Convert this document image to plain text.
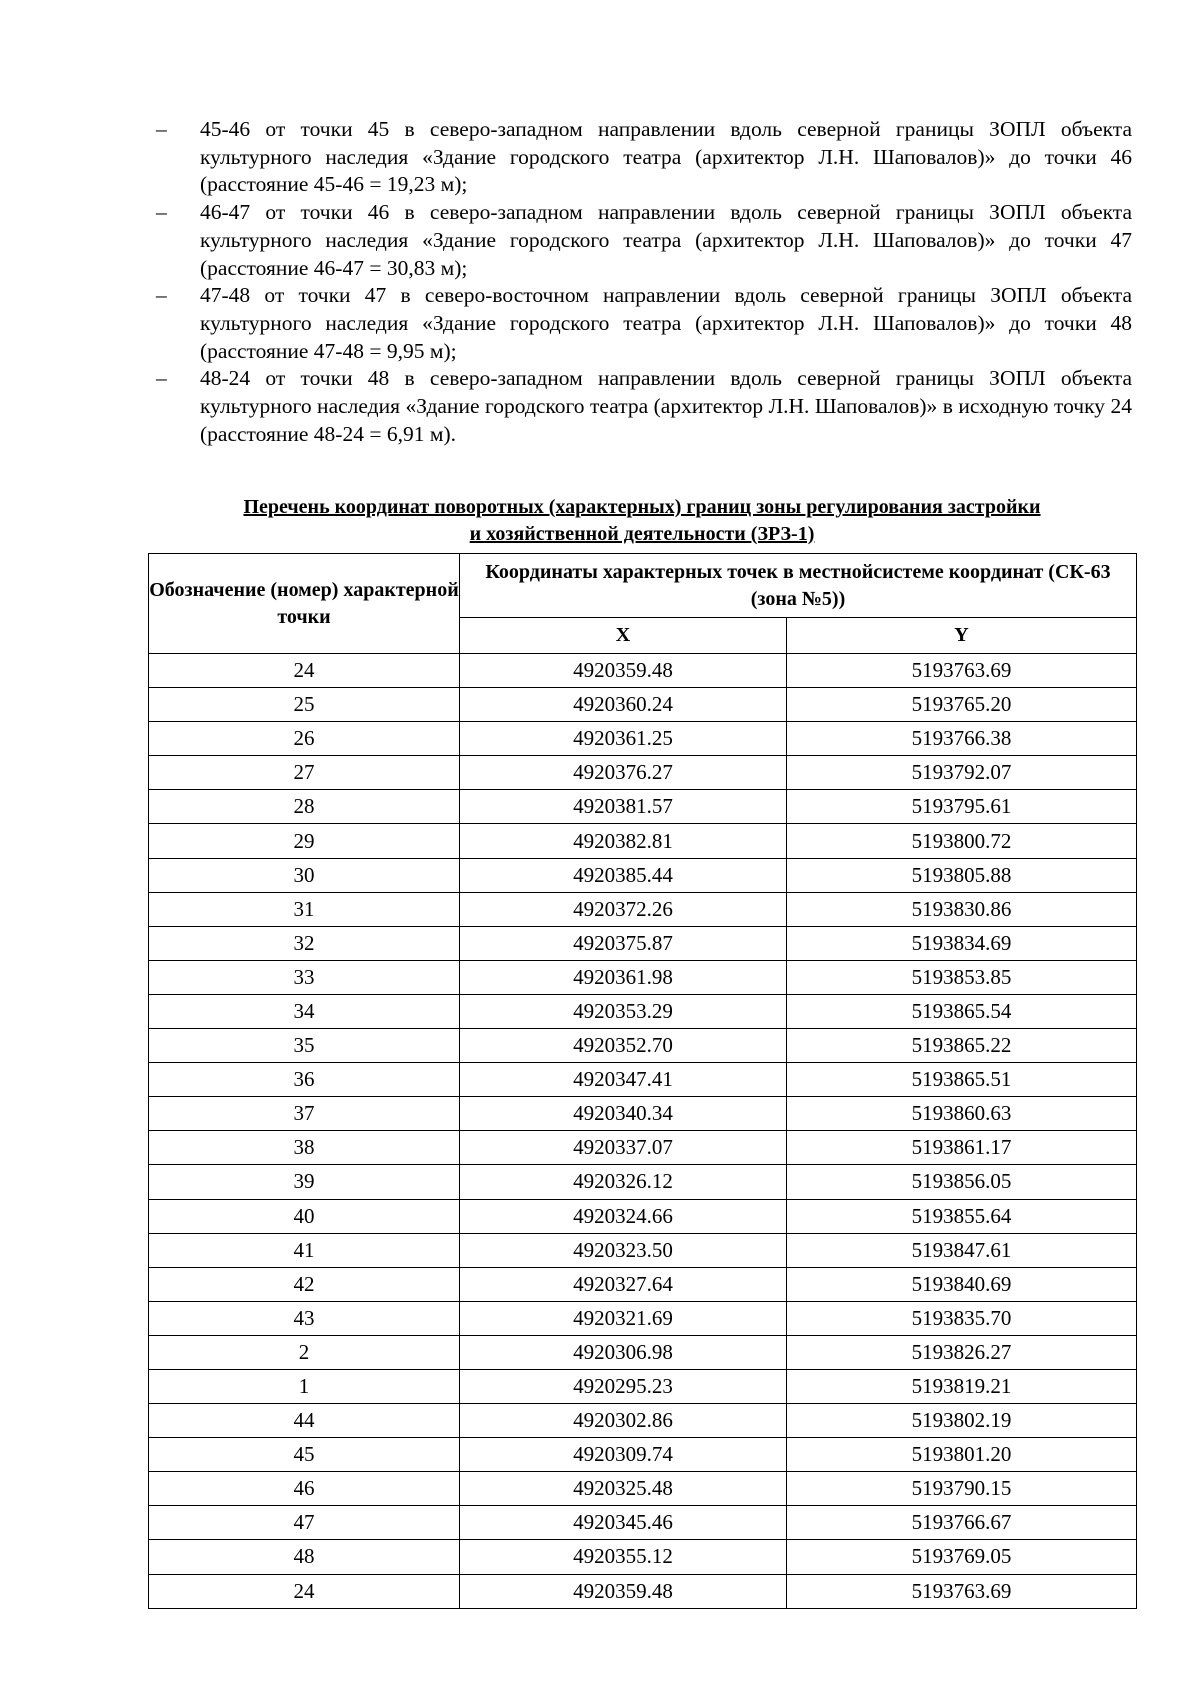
– 45-46 от точки 45 в северо-западном направлении вдоль северной границы ЗОПЛ объекта культурного наследия «Здание городского театра (архитектор Л.Н. Шаповалов)» до точки 46 (расстояние 45-46 = 19,23 м);
– 46-47 от точки 46 в северо-западном направлении вдоль северной границы ЗОПЛ объекта культурного наследия «Здание городского театра (архитектор Л.Н. Шаповалов)» до точки 47 (расстояние 46-47 = 30,83 м);
– 47-48 от точки 47 в северо-восточном направлении вдоль северной границы ЗОПЛ объекта культурного наследия «Здание городского театра (архитектор Л.Н. Шаповалов)» до точки 48 (расстояние 47-48 = 9,95 м);
– 48-24 от точки 48 в северо-западном направлении вдоль северной границы ЗОПЛ объекта культурного наследия «Здание городского театра (архитектор Л.Н. Шаповалов)» в исходную точку 24 (расстояние 48-24 = 6,91 м).
Перечень координат поворотных (характерных) границ зоны регулирования застройки
и хозяйственной деятельности (ЗРЗ-1)
Обозначение (номер) характерной точки	Координаты характерных точек в местнойсистеме координат (СК-63 (зона №5))	
	X	Y
24	4920359.48	5193763.69
25	4920360.24	5193765.20
26	4920361.25	5193766.38
27	4920376.27	5193792.07
28	4920381.57	5193795.61
29	4920382.81	5193800.72
30	4920385.44	5193805.88
31	4920372.26	5193830.86
32	4920375.87	5193834.69
33	4920361.98	5193853.85
34	4920353.29	5193865.54
35	4920352.70	5193865.22
36	4920347.41	5193865.51
37	4920340.34	5193860.63
38	4920337.07	5193861.17
39	4920326.12	5193856.05
40	4920324.66	5193855.64
41	4920323.50	5193847.61
42	4920327.64	5193840.69
43	4920321.69	5193835.70
2	4920306.98	5193826.27
1	4920295.23	5193819.21
44	4920302.86	5193802.19
45	4920309.74	5193801.20
46	4920325.48	5193790.15
47	4920345.46	5193766.67
48	4920355.12	5193769.05
24	4920359.48	5193763.69
